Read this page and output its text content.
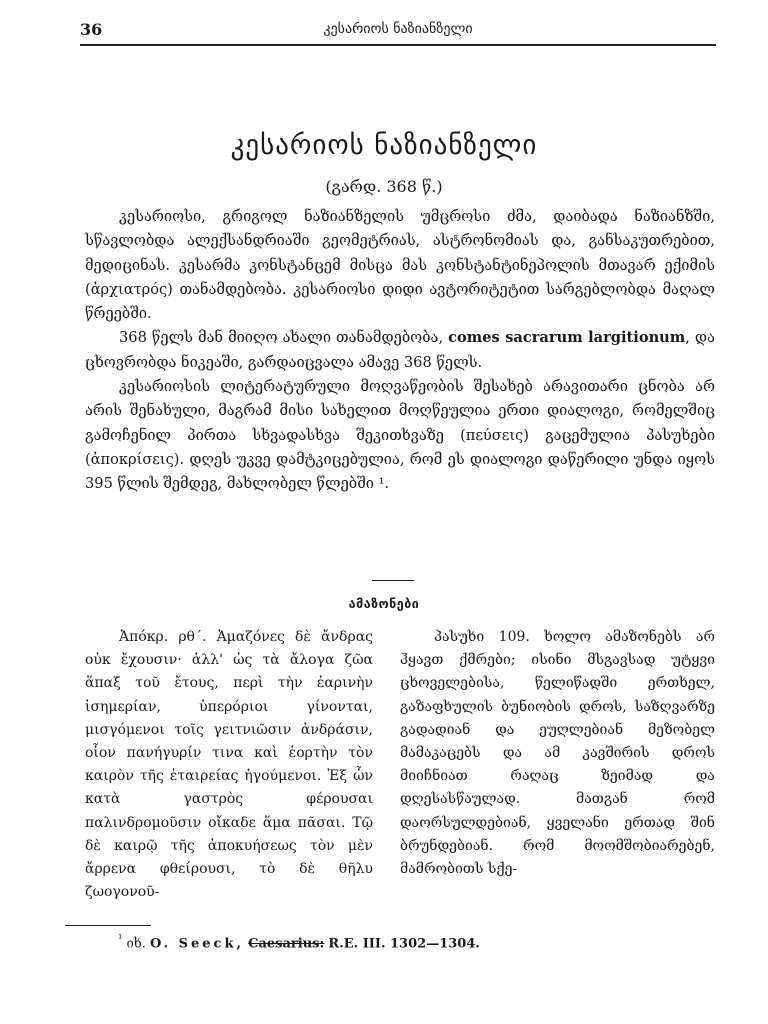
36	კესარიოს ნაზიანზელი
კესარიოს ნაზიანზელი
(გარდ. 368 წ.)

კესარიოსი, გრიგოლ ნაზიანზელის უმცროსი ძმა, დაიბადა ნაზიანზში, სწავლობდა ალექსანდრიაში გეომეტრიას, ასტრონომიას და, განსაკუთრებით, მედიცინას. კესარმა კონსტანცემ მისცა მას კონსტანტინეპოლის მთავარ ექიმის (ἀρχιατρός) თანამდებობა. კესარიოსი დიდი ავტორიტეტით სარგებლობდა მაღალ წრეებში.

368 წელს მან მიიღო ახალი თანამდებობა, comes sacrarum largitionum, და ცხოვრობდა ნიკეაში, გარდაიცვალა ამავე 368 წელს.

კესარიოსის ლიტერატურული მოღვაწეობის შესახებ არავითარი ცნობა არ არის შენახული, მაგრამ მისი სახელით მოღწეულია ერთი დიალოგი, რომელშიც გამოჩენილ პირთა სხვადასხვა შეკითხვაზე (πεύσεις) გაცემულია პასუხები (ἀποκρίσεις). დღეს უკვე დამტკიცებულია, რომ ეს დიალოგი დაწერილი უნდა იყოს 395 წლის შემდეგ, მახლობელ წლებში ¹.

ამაზონები

Ἀπόκρ. ρθ΄. Ἀμαζόνες δὲ ἄνδρας οὐκ ἔχουσιν· ἀλλ' ὡς τὰ ἄλογα ζῶα ἅπαξ τοῦ ἔτους, περὶ τὴν ἐαρινὴν ἰσημερίαν, ὑπερόριοι γίνονται, μισγόμενοι τοῖς γειτνιῶσιν ἀνδράσιν, οἷον πανήγυρίν τινα καὶ ἑορτὴν τὸν καιρὸν τῆς ἑταιρείας ἡγούμενοι. Ἐξ ὧν κατὰ γαστρὸς φέρουσαι παλινδρομοῦσιν οἴκαδε ἅμα πᾶσαι. Τῷ δὲ καιρῷ τῆς ἀποκυήσεως τὸν μὲν ἄρρενα φθείρουσι, τὸ δὲ θῆλυ ζωογονοῦ-

პასუხი 109. ხოლო ამაზონებს არ ჰყავთ ქმრები; ისინი მსგავსად უტყვი ცხოველებისა, წელიწადში ერთხელ, გაზაფხულის ბუნიობის დროს, საზღვარზე გადადიან და ეუღლებიან მეზობელ მამაკაცებს და ამ კავშირის დროს მიიჩნიათ რაღაც ზეიმად და დღესასწაულად. მათგან რომ დაორსულდებიან, ყველანი ერთად შინ ბრუნდებიან. რომ მოომშობიარებენ, მამრობითს სქე-

$^{^1}$ იხ. O. Seeck, Caesarius: R.E. III. 1302—1304.
